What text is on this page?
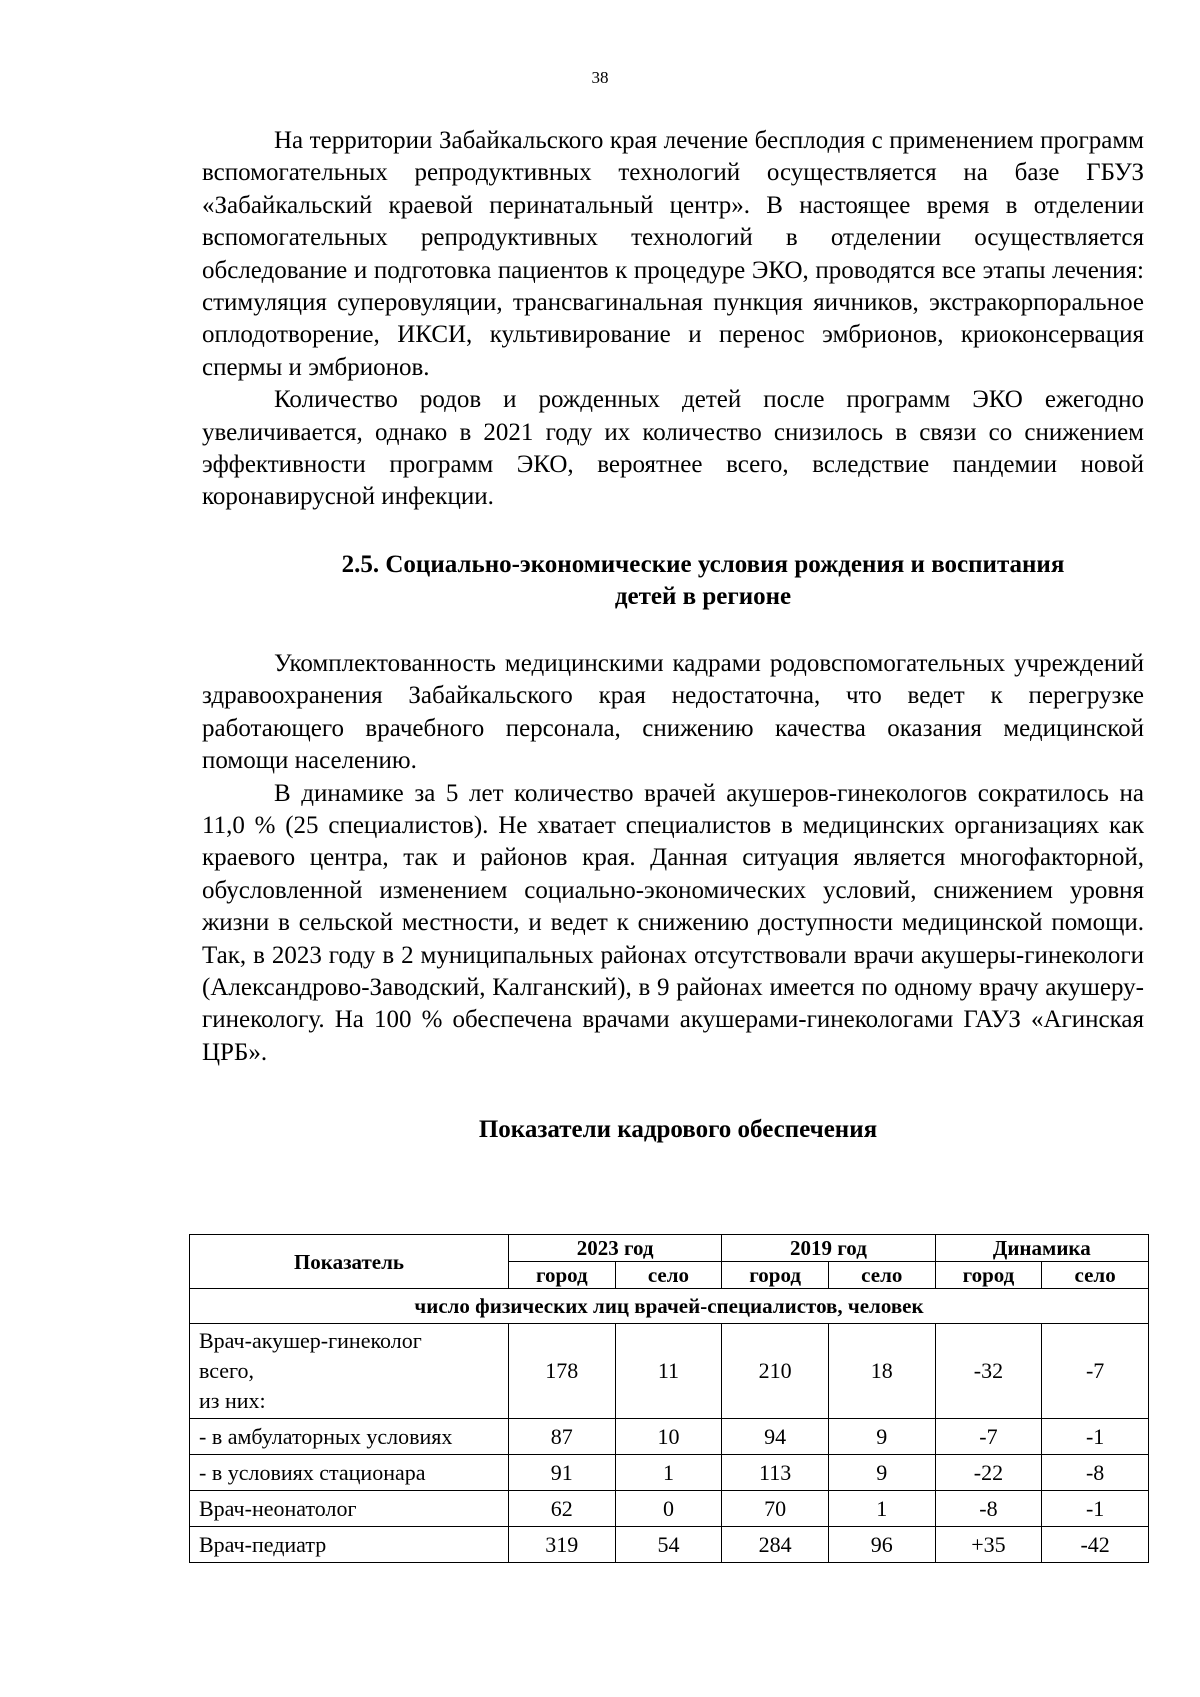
38

На территории Забайкальского края лечение бесплодия с применением программ вспомогательных репродуктивных технологий осуществляется на базе ГБУЗ «Забайкальский краевой перинатальный центр». В настоящее время в отделении вспомогательных репродуктивных технологий в отделении осуществляется обследование и подготовка пациентов к процедуре ЭКО, проводятся все этапы лечения: стимуляция суперовуляции, трансвагинальная пункция яичников, экстракорпоральное оплодотворение, ИКСИ, культивирование и перенос эмбрионов, криоконсервация спермы и эмбрионов.

Количество родов и рожденных детей после программ ЭКО ежегодно увеличивается, однако в 2021 году их количество снизилось в связи со снижением эффективности программ ЭКО, вероятнее всего, вследствие пандемии новой коронавирусной инфекции.

2.5. Социально-экономические условия рождения и воспитания
детей в регионе

Укомплектованность медицинскими кадрами родовспомогательных учреждений здравоохранения Забайкальского края недостаточна, что ведет к перегрузке работающего врачебного персонала, снижению качества оказания медицинской помощи населению.

В динамике за 5 лет количество врачей акушеров-гинекологов сократилось на 11,0 % (25 специалистов). Не хватает специалистов в медицинских организациях как краевого центра, так и районов края. Данная ситуация является многофакторной, обусловленной изменением социально-экономических условий, снижением уровня жизни в сельской местности, и ведет к снижению доступности медицинской помощи. Так, в 2023 году в 2 муниципальных районах отсутствовали врачи акушеры-гинекологи (Александрово-Заводский, Калганский), в 9 районах имеется по одному врачу акушеру-гинекологу. На 100 % обеспечена врачами акушерами-гинекологами ГАУЗ «Агинская ЦРБ».

Показатели кадрового обеспечения
Показатель	2023 год		2019 год		Динамика	
	город	село	город	село	город	село
число физических лиц врачей-специалистов, человек						

Врач-акушер-гинеколог
всего,
из них:	178	11	210	18	-32	-7
- в амбулаторных условиях	87	10	94	9	-7	-1
- в условиях стационара	91	1	113	9	-22	-8
Врач-неонатолог	62	0	70	1	-8	-1
Врач-педиатр	319	54	284	96	+35	-42
